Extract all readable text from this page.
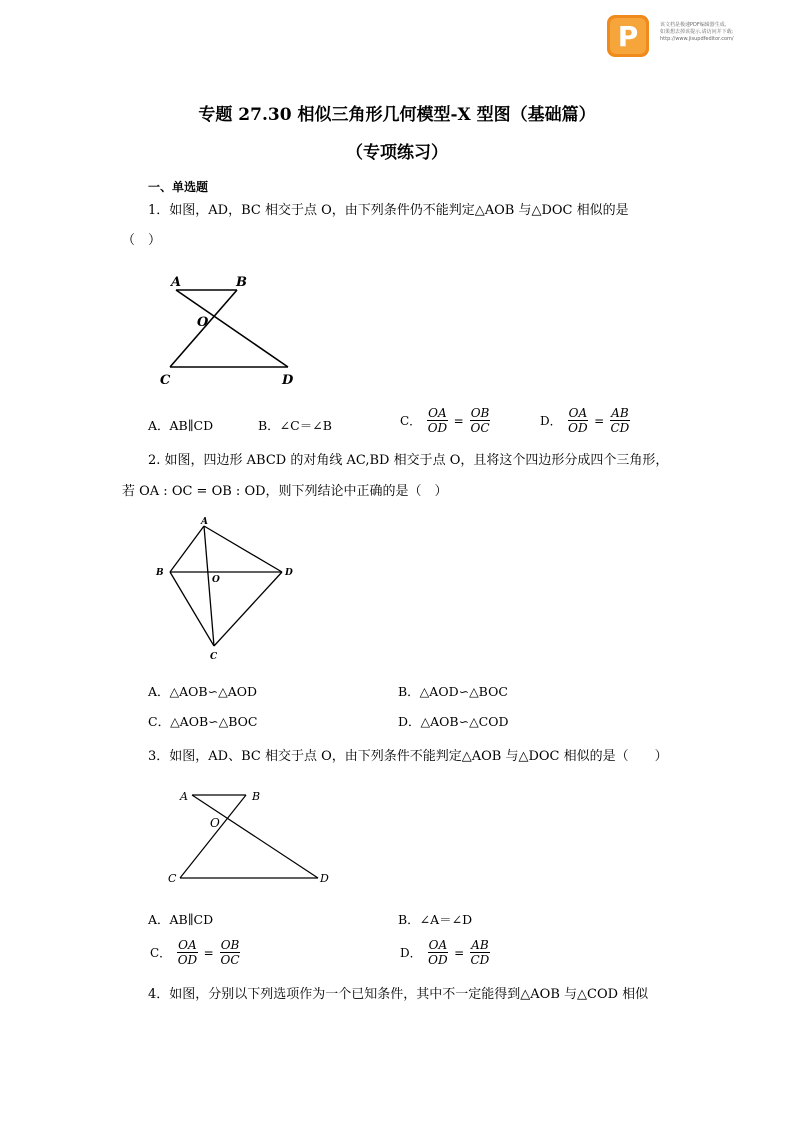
P	该文档是极速PDF编辑器生成,
如果想去掉该提示,请访问并下载:
http://www.jisupdfeditor.com/
专题 27.30 相似三角形几何模型-X 型图（基础篇）
（专项练习）
一、单选题
1．如图，AD，BC 相交于点 O，由下列条件仍不能判定△AOB 与△DOC 相似的是
（　）
A	B
O
C	D
A．AB∥CD	B．∠C＝∠B	C． $\frac{OA}{OD} = \frac{OB}{OC}$	D． $\frac{OA}{OD} = \frac{AB}{CD}$
2. 如图，四边形 ABCD 的对角线 AC,BD 相交于点 O，且将这个四边形分成四个三角形，
若 OA : OC = OB : OD，则下列结论中正确的是（　）
A
B
O
D
C
A．△AOB∽△AOD	B．△AOD∽△BOC
C．△AOB∽△BOC	D．△AOB∽△COD
3．如图，AD、BC 相交于点 O，由下列条件不能判定△AOB 与△DOC 相似的是（　　）
A	B
O
C	D
A．AB∥CD	B．∠A＝∠D
C． $\frac{OA}{OD} = \frac{OB}{OC}$	D． $\frac{OA}{OD} = \frac{AB}{CD}$
4．如图，分别以下列选项作为一个已知条件，其中不一定能得到△AOB 与△COD 相似
